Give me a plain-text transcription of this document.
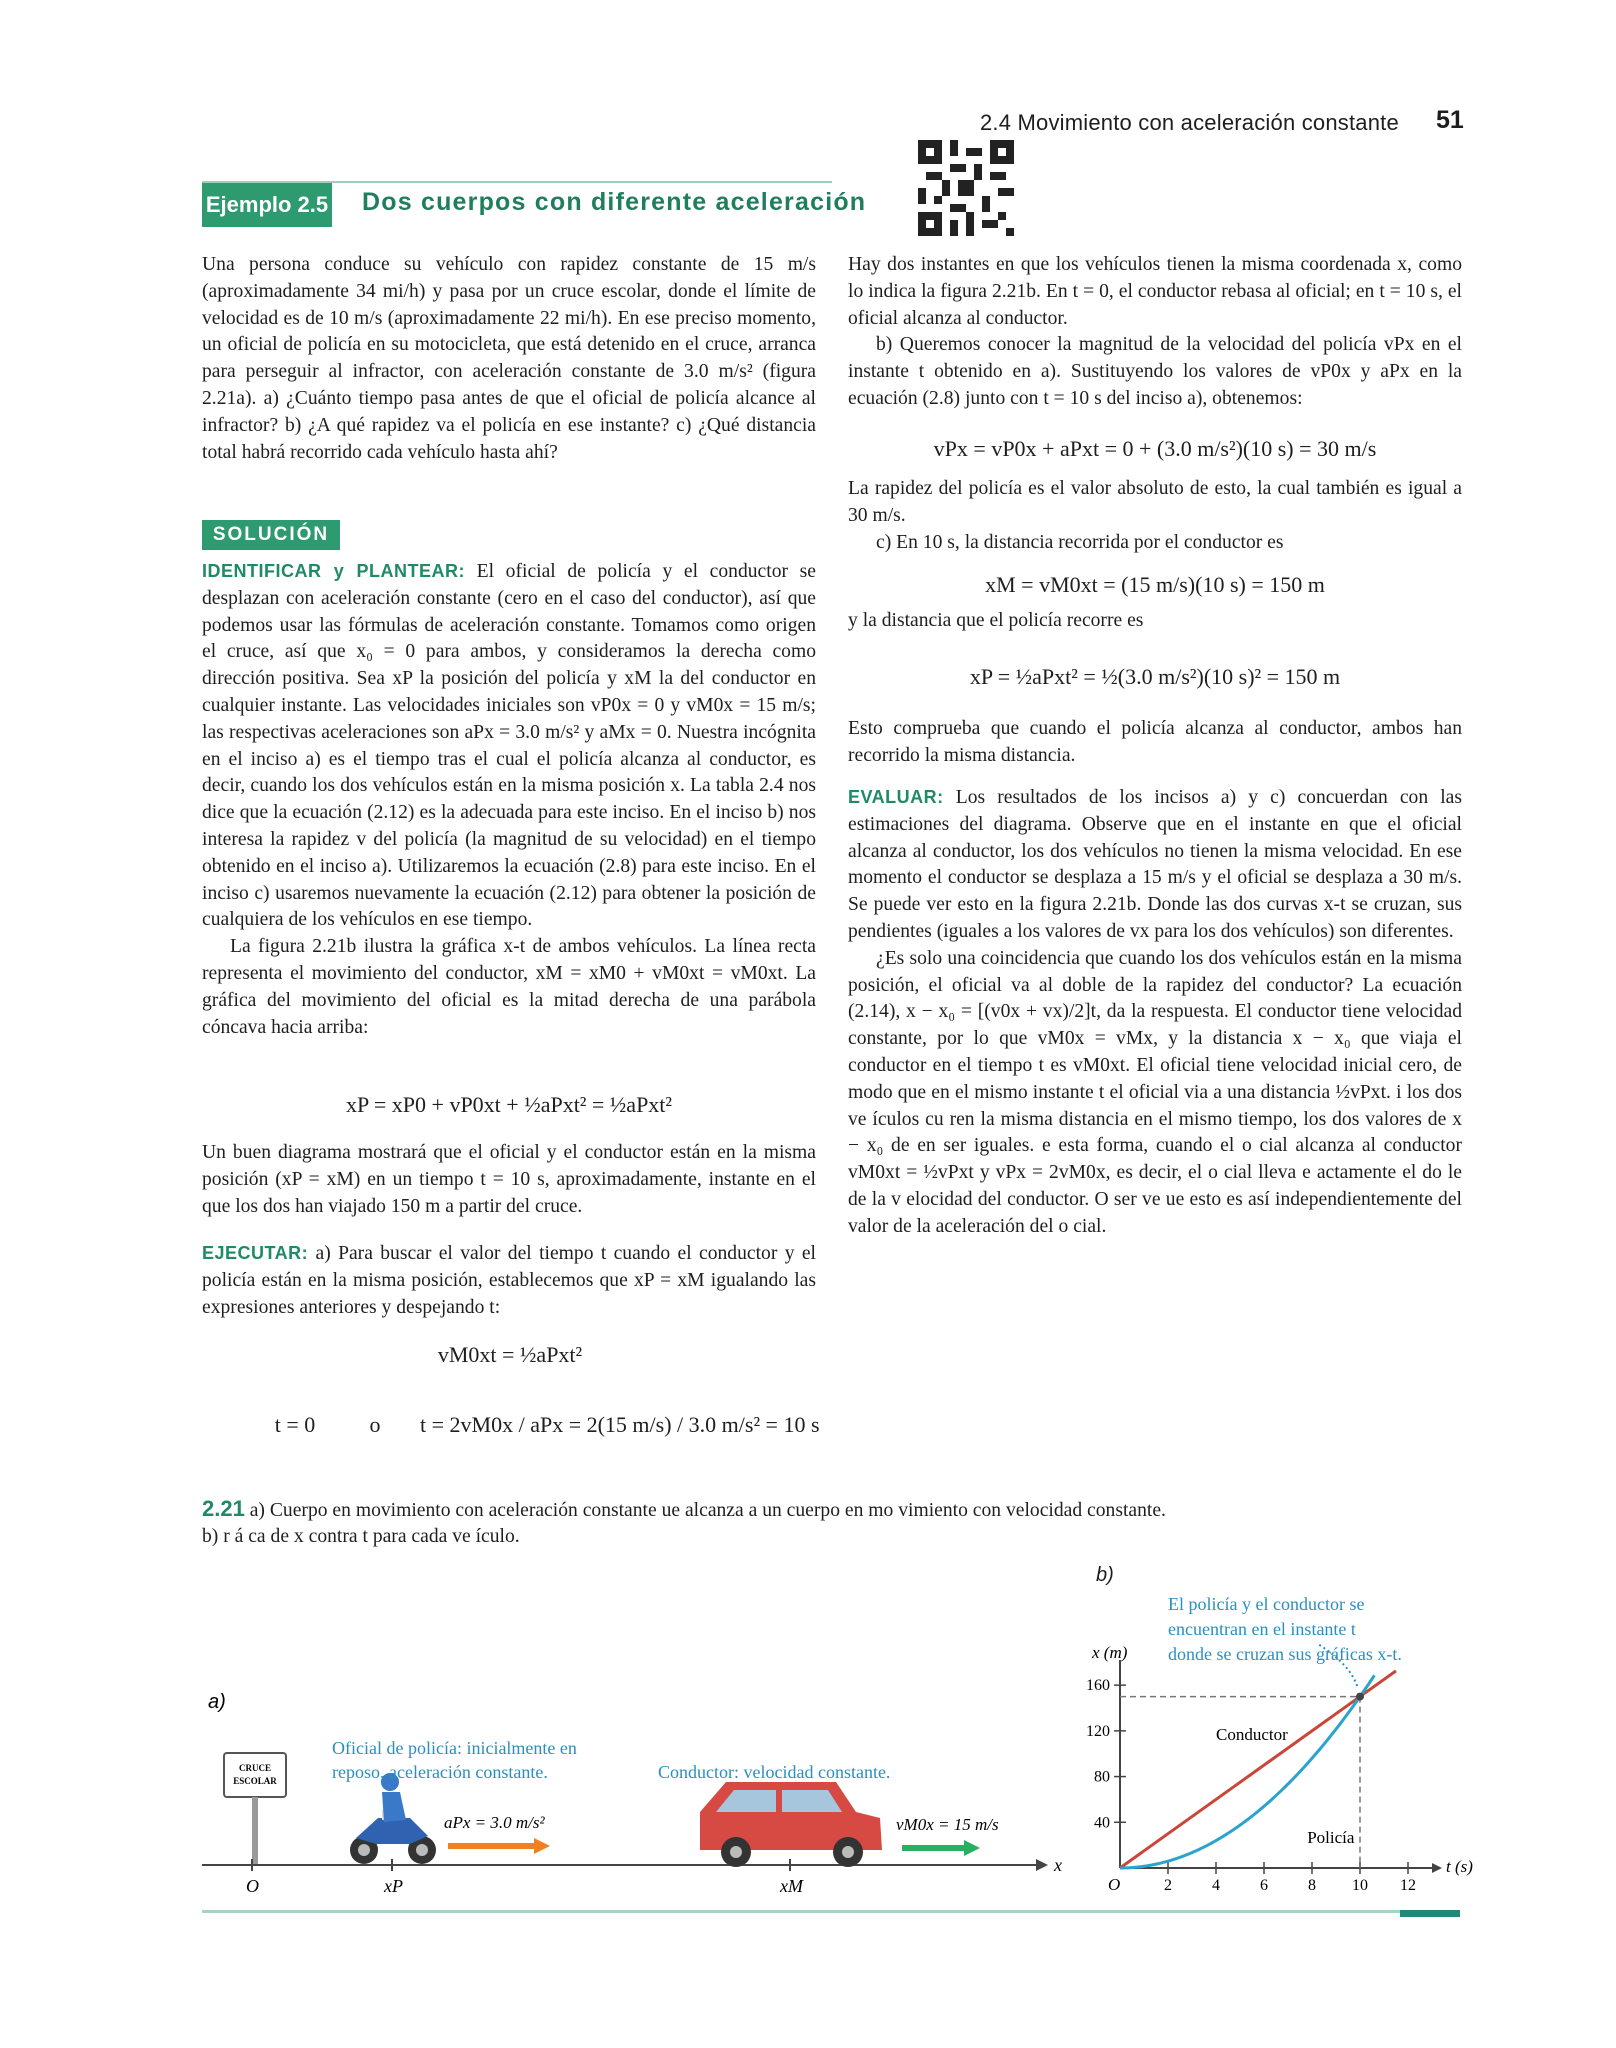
2.4 Movimiento con aceleración constante 51
Ejemplo 2.5 Dos cuerpos con diferente aceleración

Una persona conduce su vehículo con rapidez constante de 15 m/s (aproximadamente 34 mi/h) y pasa por un cruce escolar, donde el límite de velocidad es de 10 m/s (aproximadamente 22 mi/h). En ese preciso momento, un oficial de policía en su motocicleta, que está detenido en el cruce, arranca para perseguir al infractor, con aceleración constante de 3.0 m/s² (figura 2.21a). a) ¿Cuánto tiempo pasa antes de que el oficial de policía alcance al infractor? b) ¿A qué rapidez va el policía en ese instante? c) ¿Qué distancia total habrá recorrido cada vehículo hasta ahí?

SOLUCIÓN

IDENTIFICAR y PLANTEAR: El oficial de policía y el conductor se desplazan con aceleración constante (cero en el caso del conductor), así que podemos usar las fórmulas de aceleración constante. Tomamos como origen el cruce, así que x₀ = 0 para ambos, y consideramos la derecha como dirección positiva. Sea xP la posición del policía y xM la del conductor en cualquier instante. Las velocidades iniciales son vP0x = 0 y vM0x = 15 m/s; las respectivas aceleraciones son aPx = 3.0 m/s² y aMx = 0. Nuestra incógnita en el inciso a) es el tiempo tras el cual el policía alcanza al conductor, es decir, cuando los dos vehículos están en la misma posición x. La tabla 2.4 nos dice que la ecuación (2.12) es la adecuada para este inciso. En el inciso b) nos interesa la rapidez v del policía (la magnitud de su velocidad) en el tiempo obtenido en el inciso a). Utilizaremos la ecuación (2.8) para este inciso. En el inciso c) usaremos nuevamente la ecuación (2.12) para obtener la posición de cualquiera de los vehículos en ese tiempo.

La figura 2.21b ilustra la gráfica x-t de ambos vehículos. La línea recta representa el movimiento del conductor, xM = xM0 + vM0xt = vM0xt. La gráfica del movimiento del oficial es la mitad derecha de una parábola cóncava hacia arriba:

xP = xP0 + vP0xt + ½aPxt² = ½aPxt²

Un buen diagrama mostrará que el oficial y el conductor están en la misma posición (xP = xM) en un tiempo t = 10 s, aproximadamente, instante en el que los dos han viajado 150 m a partir del cruce.

EJECUTAR: a) Para buscar el valor del tiempo t cuando el conductor y el policía están en la misma posición, establecemos que xP = xM igualando las expresiones anteriores y despejando t:

vM0xt = ½aPxt²
t = 0	o	t = 2vM0x / aPx = 2(15 m/s) / 3.0 m/s² = 10 s

Hay dos instantes en que los vehículos tienen la misma coordenada x, como lo indica la figura 2.21b. En t = 0, el conductor rebasa al oficial; en t = 10 s, el oficial alcanza al conductor.

b) Queremos conocer la magnitud de la velocidad del policía vPx en el instante t obtenido en a). Sustituyendo los valores de vP0x y aPx en la ecuación (2.8) junto con t = 10 s del inciso a), obtenemos:

vPx = vP0x + aPxt = 0 + (3.0 m/s²)(10 s) = 30 m/s

La rapidez del policía es el valor absoluto de esto, la cual también es igual a 30 m/s.

c) En 10 s, la distancia recorrida por el conductor es

xM = vM0xt = (15 m/s)(10 s) = 150 m

y la distancia que el policía recorre es

xP = ½aPxt² = ½(3.0 m/s²)(10 s)² = 150 m

Esto comprueba que cuando el policía alcanza al conductor, ambos han recorrido la misma distancia.

EVALUAR: Los resultados de los incisos a) y c) concuerdan con las estimaciones del diagrama. Observe que en el instante en que el oficial alcanza al conductor, los dos vehículos no tienen la misma velocidad. En ese momento el conductor se desplaza a 15 m/s y el oficial se desplaza a 30 m/s. Se puede ver esto en la figura 2.21b. Donde las dos curvas x-t se cruzan, sus pendientes (iguales a los valores de vx para los dos vehículos) son diferentes.

¿Es solo una coincidencia que cuando los dos vehículos están en la misma posición, el oficial va al doble de la rapidez del conductor? La ecuación (2.14), x − x₀ = [(v0x + vx)/2]t, da la respuesta. El conductor tiene velocidad constante, por lo que vM0x = vMx, y la distancia x − x₀ que viaja el conductor en el tiempo t es vM0xt. El oficial tiene velocidad inicial cero, de modo que en el mismo instante t el oficial via a una distancia ½vPxt. i los dos ve ículos cu ren la misma distancia en el mismo tiempo, los dos valores de x − x₀ de en ser iguales. e esta forma, cuando el o cial alcanza al conductor vM0xt = ½vPxt y vPx = 2vM0x, es decir, el o cial lleva e actamente el do le de la v elocidad del conductor. O ser ve ue esto es así independientemente del valor de la aceleración del o cial.

2.21 a) Cuerpo en movimiento con aceleración constante ue alcanza a un cuerpo en mo vimiento con velocidad constante.
b) r á ca de x contra t para cada ve ículo.
a)
CRUCE
ESCOLAR
x
O	xP
Oficial de policía: inicialmente en
reposo, aceleración constante.
aPx = 3.0 m/s²
xM
Conductor: velocidad constante.
vM0x = 15 m/s
b)
El policía y el conductor se
encuentran en el instante t
donde se cruzan sus gráficas x-t.
t (s)
x (m)
O	2	4	6	8 10 12
40
80
120
160
Conductor
Policía
